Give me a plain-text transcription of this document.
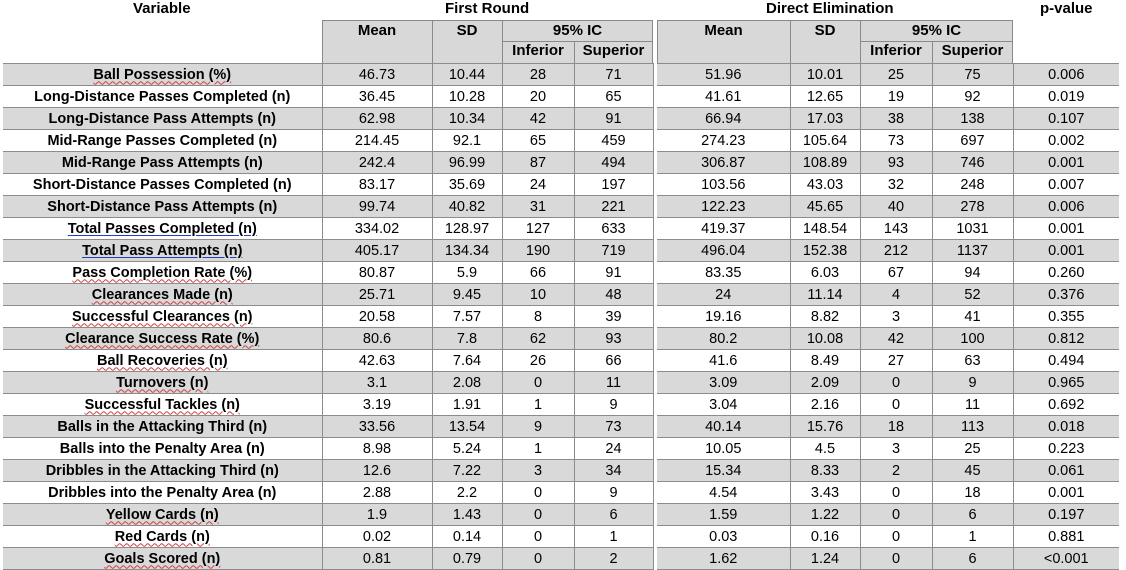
Variable	First Round	Direct Elimination	p-value
Mean	SD	95% IC
Inferior	Superior
Mean	SD	95% IC
Inferior	Superior
Ball Possession (%)	46.73	10.44	28	71		51.96	10.01	25	75	0.006
Long-Distance Passes Completed (n)	36.45	10.28	20	65		41.61	12.65	19	92	0.019
Long-Distance Pass Attempts (n)	62.98	10.34	42	91		66.94	17.03	38	138	0.107
Mid-Range Passes Completed (n)	214.45	92.1	65	459		274.23	105.64	73	697	0.002
Mid-Range Pass Attempts (n)	242.4	96.99	87	494		306.87	108.89	93	746	0.001
Short-Distance Passes Completed (n)	83.17	35.69	24	197		103.56	43.03	32	248	0.007
Short-Distance Pass Attempts (n)	99.74	40.82	31	221		122.23	45.65	40	278	0.006
Total Passes Completed (n)	334.02	128.97	127	633		419.37	148.54	143	1031	0.001
Total Pass Attempts (n)	405.17	134.34	190	719		496.04	152.38	212	1137	0.001
Pass Completion Rate (%)	80.87	5.9	66	91		83.35	6.03	67	94	0.260
Clearances Made (n)	25.71	9.45	10	48		24	11.14	4	52	0.376
Successful Clearances (n)	20.58	7.57	8	39		19.16	8.82	3	41	0.355
Clearance Success Rate (%)	80.6	7.8	62	93		80.2	10.08	42	100	0.812
Ball Recoveries (n)	42.63	7.64	26	66		41.6	8.49	27	63	0.494
Turnovers (n)	3.1	2.08	0	11		3.09	2.09	0	9	0.965
Successful Tackles (n)	3.19	1.91	1	9		3.04	2.16	0	11	0.692
Balls in the Attacking Third (n)	33.56	13.54	9	73		40.14	15.76	18	113	0.018
Balls into the Penalty Area (n)	8.98	5.24	1	24		10.05	4.5	3	25	0.223
Dribbles in the Attacking Third (n)	12.6	7.22	3	34		15.34	8.33	2	45	0.061
Dribbles into the Penalty Area (n)	2.88	2.2	0	9		4.54	3.43	0	18	0.001
Yellow Cards (n)	1.9	1.43	0	6		1.59	1.22	0	6	0.197
Red Cards (n)	0.02	0.14	0	1		0.03	0.16	0	1	0.881
Goals Scored (n)	0.81	0.79	0	2		1.62	1.24	0	6	<0.001
